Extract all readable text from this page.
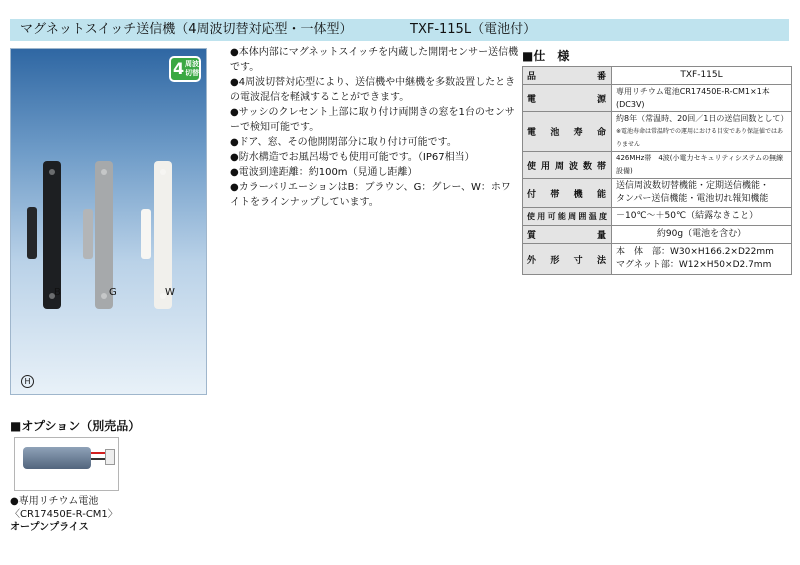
マグネットスイッチ送信機（4周波切替対応型・一体型）	TXF-115L（電池付）
4 周波切替
B	G	W
H
●本体内部にマグネットスイッチを内蔵した開閉センサー送信機です。
●4周波切替対応型により、送信機や中継機を多数設置したときの電波混信を軽減することができます。
●サッシのクレセント上部に取り付け両開きの窓を1台のセンサーで検知可能です。
●ドア、窓、その他開閉部分に取り付け可能です。
●防水構造でお風呂場でも使用可能です。（IP67相当）
●電波到達距離：約100m（見通し距離）
●カラーバリエーションはB：ブラウン、G：グレー、W：ホワイトをラインナップしています。
■仕　様
品番	TXF-115L
電源	専用リチウム電池CR17450E-R-CM1×1本(DC3V)
電池寿命	約8年（常温時、20回／1日の送信回数として）
※電池寿命は常温時での運用における目安であり保証値ではありません

使用周波数帯	426MHz帯　4波(小電力セキュリティシステムの無線設備)
付帯機能	送信周波数切替機能・定期送信機能・
タンパー送信機能・電池切れ報知機能

使用可能周囲温度	－10℃～＋50℃（結露なきこと）
質量	約90g（電池を含む）
外形寸法	本　体　部：W30×H166.2×D22mm
マグネット部：W12×H50×D2.7mm
■オプション（別売品）
●専用リチウム電池
〈CR17450E-R-CM1〉
オープンプライス
